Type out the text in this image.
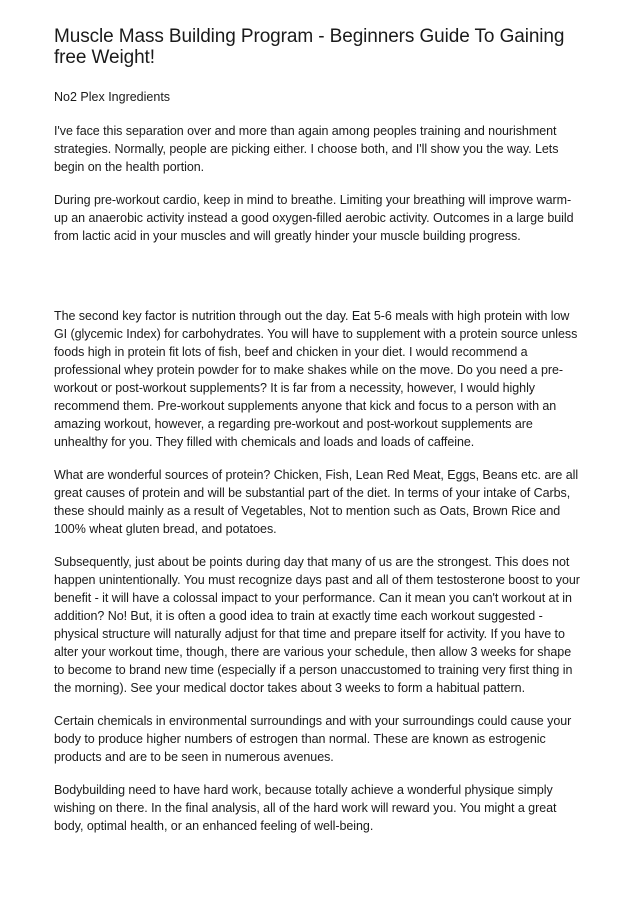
Muscle Mass Building Program - Beginners Guide To Gaining free Weight!
No2 Plex Ingredients

I've face this separation over and more than again among peoples training and nourishment strategies. Normally, people are picking either. I choose both, and I'll show you the way. Lets begin on the health portion.

During pre-workout cardio, keep in mind to breathe. Limiting your breathing will improve warm-up an anaerobic activity instead a good oxygen-filled aerobic activity. Outcomes in a large build from lactic acid in your muscles and will greatly hinder your muscle building progress.

The second key factor is nutrition through out the day. Eat 5-6 meals with high protein with low GI (glycemic Index) for carbohydrates. You will have to supplement with a protein source unless foods high in protein fit lots of fish, beef and chicken in your diet. I would recommend a professional whey protein powder for to make shakes while on the move. Do you need a pre-workout or post-workout supplements? It is far from a necessity, however, I would highly recommend them. Pre-workout supplements anyone that kick and focus to a person with an amazing workout, however, a regarding pre-workout and post-workout supplements are unhealthy for you. They filled with chemicals and loads and loads of caffeine.

What are wonderful sources of protein? Chicken, Fish, Lean Red Meat, Eggs, Beans etc. are all great causes of protein and will be substantial part of the diet. In terms of your intake of Carbs, these should mainly as a result of Vegetables, Not to mention such as Oats, Brown Rice and 100% wheat gluten bread, and potatoes.

Subsequently, just about be points during day that many of us are the strongest. This does not happen unintentionally. You must recognize days past and all of them testosterone boost to your benefit - it will have a colossal impact to your performance. Can it mean you can't workout at in addition? No! But, it is often a good idea to train at exactly time each workout suggested - physical structure will naturally adjust for that time and prepare itself for activity. If you have to alter your workout time, though, there are various your schedule, then allow 3 weeks for shape to become to brand new time (especially if a person unaccustomed to training very first thing in the morning). See your medical doctor takes about 3 weeks to form a habitual pattern.

Certain chemicals in environmental surroundings and with your surroundings could cause your body to produce higher numbers of estrogen than normal. These are known as estrogenic products and are to be seen in numerous avenues.

Bodybuilding need to have hard work, because totally achieve a wonderful physique simply wishing on there. In the final analysis, all of the hard work will reward you. You might a great body, optimal health, or an enhanced feeling of well-being.
